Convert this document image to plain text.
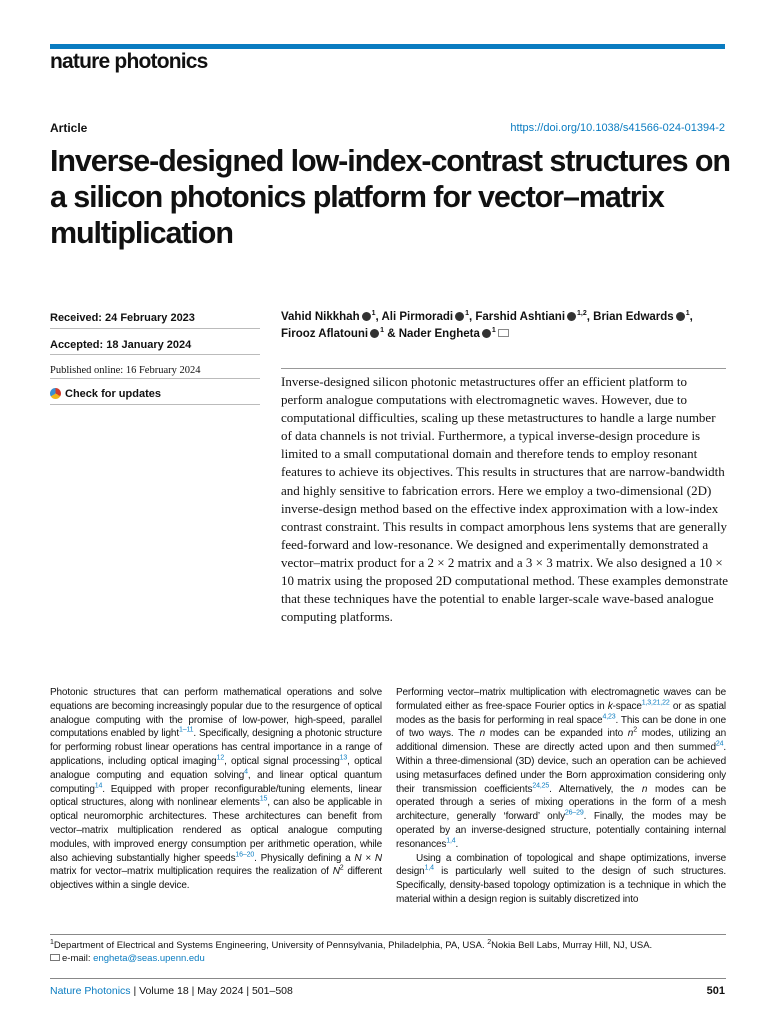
nature photonics
Article	https://doi.org/10.1038/s41566-024-01394-2
Inverse-designed low-index-contrast structures on a silicon photonics platform for vector–matrix multiplication
Received: 24 February 2023
Accepted: 18 January 2024
Published online: 16 February 2024
Check for updates
Vahid Nikkhah $^1$, Ali Pirmoradi $^1$, Farshid Ashtiani $^{1,2}$, Brian Edwards $^1$, Firooz Aflatouni $^1$ & Nader Engheta $^1$

Inverse-designed silicon photonic metastructures offer an efficient platform to perform analogue computations with electromagnetic waves. However, due to computational difficulties, scaling up these metastructures to handle a large number of data channels is not trivial. Furthermore, a typical inverse-design procedure is limited to a small computational domain and therefore tends to employ resonant features to achieve its objectives. This results in structures that are narrow-bandwidth and highly sensitive to fabrication errors. Here we employ a two-dimensional (2D) inverse-design method based on the effective index approximation with a low-index contrast constraint. This results in compact amorphous lens systems that are generally feed-forward and low-resonance. We designed and experimentally demonstrated a vector–matrix product for a 2 × 2 matrix and a 3 × 3 matrix. We also designed a 10 × 10 matrix using the proposed 2D computational method. These examples demonstrate that these techniques have the potential to enable larger-scale wave-based analogue computing platforms.

Photonic structures that can perform mathematical operations and solve equations are becoming increasingly popular due to the resurgence of optical analogue computing with the promise of low-power, high-speed, parallel computations enabled by light$^{1-11}$. Specifically, designing a photonic structure for performing robust linear operations has central importance in a range of applications, including optical imaging$^{12}$, optical signal processing$^{13}$, optical analogue computing and equation solving$^4$, and linear optical quantum computing$^{14}$. Equipped with proper reconfigurable/tuning elements, linear optical structures, along with nonlinear elements$^{15}$, can also be applicable in optical neuromorphic architectures. These architectures can benefit from vector–matrix multiplication rendered as optical analogue computing modules, with improved energy consumption per arithmetic operation, while also achieving substantially higher speeds$^{16-20}$. Physically defining a N × N matrix for vector–matrix multiplication requires the realization of $N^2$ different objectives within a single device.

Performing vector–matrix multiplication with electromagnetic waves can be formulated either as free-space Fourier optics in k-space$^{1,3,21,22}$ or as spatial modes as the basis for performing in real space$^{4,23}$. This can be done in one of two ways. The n modes can be expanded into $n^2$ modes, utilizing an additional dimension. These are directly acted upon and then summed$^{24}$. Within a three-dimensional (3D) device, such an operation can be achieved using metasurfaces defined under the Born approximation considering only their transmission coefficients$^{24,25}$. Alternatively, the n modes can be operated through a series of mixing operations in the form of a mesh architecture, generally ‘forward’ only$^{26-29}$. Finally, the modes may be operated by an inverse-designed structure, potentially containing internal resonances$^{1,4}$.

Using a combination of topological and shape optimizations, inverse design$^{1,4}$ is particularly well suited to the design of such structures. Specifically, density-based topology optimization is a technique in which the material within a design region is suitably discretized into

$^1$Department of Electrical and Systems Engineering, University of Pennsylvania, Philadelphia, PA, USA. $^2$Nokia Bell Labs, Murray Hill, NJ, USA.
e-mail: engheta@seas.upenn.edu
Nature Photonics | Volume 18 | May 2024 | 501–508	501
